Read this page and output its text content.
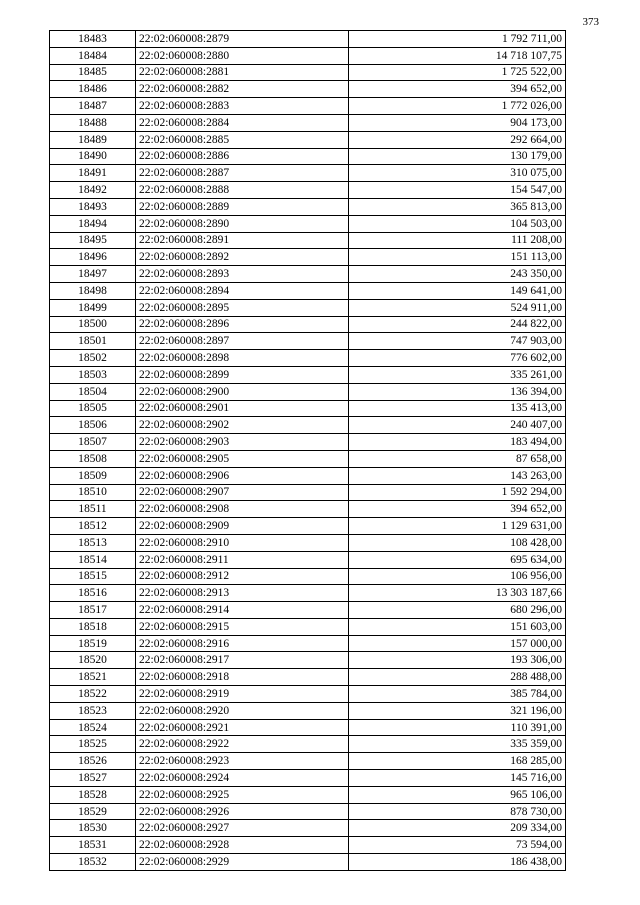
373
18483	22:02:060008:2879	1 792 711,00
18484	22:02:060008:2880	14 718 107,75
18485	22:02:060008:2881	1 725 522,00
18486	22:02:060008:2882	394 652,00
18487	22:02:060008:2883	1 772 026,00
18488	22:02:060008:2884	904 173,00
18489	22:02:060008:2885	292 664,00
18490	22:02:060008:2886	130 179,00
18491	22:02:060008:2887	310 075,00
18492	22:02:060008:2888	154 547,00
18493	22:02:060008:2889	365 813,00
18494	22:02:060008:2890	104 503,00
18495	22:02:060008:2891	111 208,00
18496	22:02:060008:2892	151 113,00
18497	22:02:060008:2893	243 350,00
18498	22:02:060008:2894	149 641,00
18499	22:02:060008:2895	524 911,00
18500	22:02:060008:2896	244 822,00
18501	22:02:060008:2897	747 903,00
18502	22:02:060008:2898	776 602,00
18503	22:02:060008:2899	335 261,00
18504	22:02:060008:2900	136 394,00
18505	22:02:060008:2901	135 413,00
18506	22:02:060008:2902	240 407,00
18507	22:02:060008:2903	183 494,00
18508	22:02:060008:2905	87 658,00
18509	22:02:060008:2906	143 263,00
18510	22:02:060008:2907	1 592 294,00
18511	22:02:060008:2908	394 652,00
18512	22:02:060008:2909	1 129 631,00
18513	22:02:060008:2910	108 428,00
18514	22:02:060008:2911	695 634,00
18515	22:02:060008:2912	106 956,00
18516	22:02:060008:2913	13 303 187,66
18517	22:02:060008:2914	680 296,00
18518	22:02:060008:2915	151 603,00
18519	22:02:060008:2916	157 000,00
18520	22:02:060008:2917	193 306,00
18521	22:02:060008:2918	288 488,00
18522	22:02:060008:2919	385 784,00
18523	22:02:060008:2920	321 196,00
18524	22:02:060008:2921	110 391,00
18525	22:02:060008:2922	335 359,00
18526	22:02:060008:2923	168 285,00
18527	22:02:060008:2924	145 716,00
18528	22:02:060008:2925	965 106,00
18529	22:02:060008:2926	878 730,00
18530	22:02:060008:2927	209 334,00
18531	22:02:060008:2928	73 594,00
18532	22:02:060008:2929	186 438,00
